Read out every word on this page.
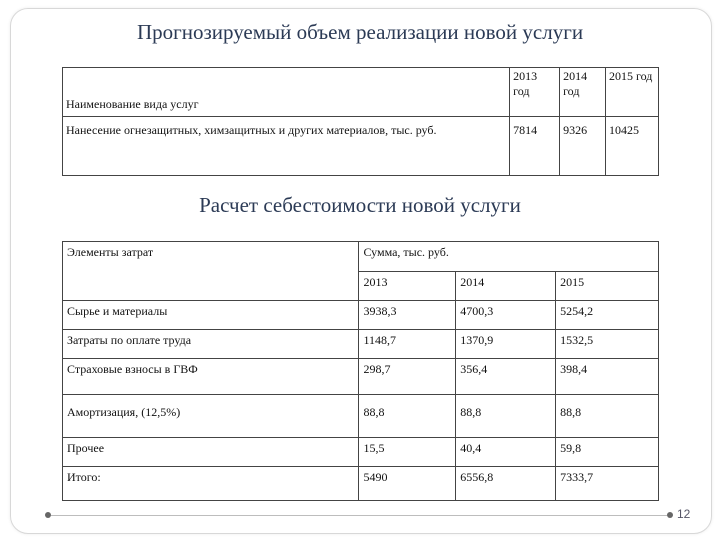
Прогнозируемый объем реализации новой услуги
Наименование вида услуг	2013 год	2014 год	2015 год
Нанесение огнезащитных, химзащитных и других материалов, тыс. руб.	7814	9326	10425
Расчет себестоимости новой услуги
Элементы затрат	Сумма, тыс. руб.		
	2013	2014	2015
Сырье и материалы	3938,3	4700,3	5254,2
Затраты по оплате труда	1148,7	1370,9	1532,5
Страховые взносы в ГВФ	298,7	356,4	398,4
Амортизация, (12,5%)	88,8	88,8	88,8
Прочее	15,5	40,4	59,8
Итого:	5490	6556,8	7333,7
12
